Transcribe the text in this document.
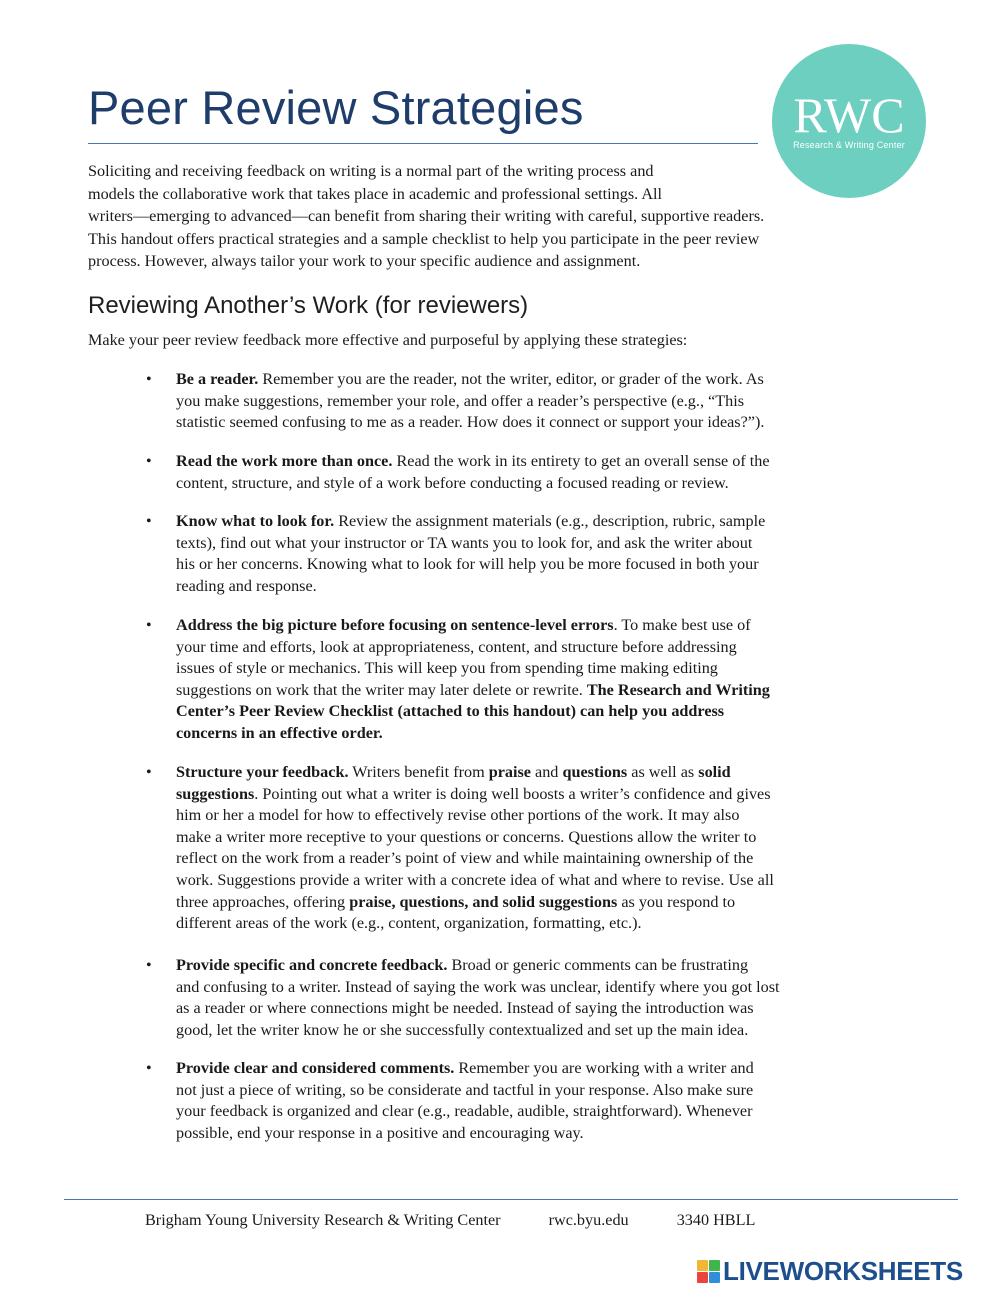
Peer Review Strategies	RWC
Research & Writing Center

Soliciting and receiving feedback on writing is a normal part of the writing process and
models the collaborative work that takes place in academic and professional settings. All
writers—emerging to advanced—can benefit from sharing their writing with careful, supportive readers.
This handout offers practical strategies and a sample checklist to help you participate in the peer review
process. However, always tailor your work to your specific audience and assignment.

Reviewing Another’s Work (for reviewers)

Make your peer review feedback more effective and purposeful by applying these strategies:

• Be a reader. Remember you are the reader, not the writer, editor, or grader of the work. As
you make suggestions, remember your role, and offer a reader’s perspective (e.g., “This
statistic seemed confusing to me as a reader. How does it connect or support your ideas?”).
• Read the work more than once. Read the work in its entirety to get an overall sense of the
content, structure, and style of a work before conducting a focused reading or review.
• Know what to look for. Review the assignment materials (e.g., description, rubric, sample
texts), find out what your instructor or TA wants you to look for, and ask the writer about
his or her concerns. Knowing what to look for will help you be more focused in both your
reading and response.
• Address the big picture before focusing on sentence-level errors. To make best use of
your time and efforts, look at appropriateness, content, and structure before addressing
issues of style or mechanics. This will keep you from spending time making editing
suggestions on work that the writer may later delete or rewrite. The Research and Writing
Center’s Peer Review Checklist (attached to this handout) can help you address
concerns in an effective order.
• Structure your feedback. Writers benefit from praise and questions as well as solid
suggestions. Pointing out what a writer is doing well boosts a writer’s confidence and gives
him or her a model for how to effectively revise other portions of the work. It may also
make a writer more receptive to your questions or concerns. Questions allow the writer to
reflect on the work from a reader’s point of view and while maintaining ownership of the
work. Suggestions provide a writer with a concrete idea of what and where to revise. Use all
three approaches, offering praise, questions, and solid suggestions as you respond to
different areas of the work (e.g., content, organization, formatting, etc.).
• Provide specific and concrete feedback. Broad or generic comments can be frustrating
and confusing to a writer. Instead of saying the work was unclear, identify where you got lost
as a reader or where connections might be needed. Instead of saying the introduction was
good, let the writer know he or she successfully contextualized and set up the main idea.
• Provide clear and considered comments. Remember you are working with a writer and
not just a piece of writing, so be considerate and tactful in your response. Also make sure
your feedback is organized and clear (e.g., readable, audible, straightforward). Whenever
possible, end your response in a positive and encouraging way.
Brigham Young University Research & Writing Center	rwc.byu.edu	3340 HBLL
LIVEWORKSHEETS
